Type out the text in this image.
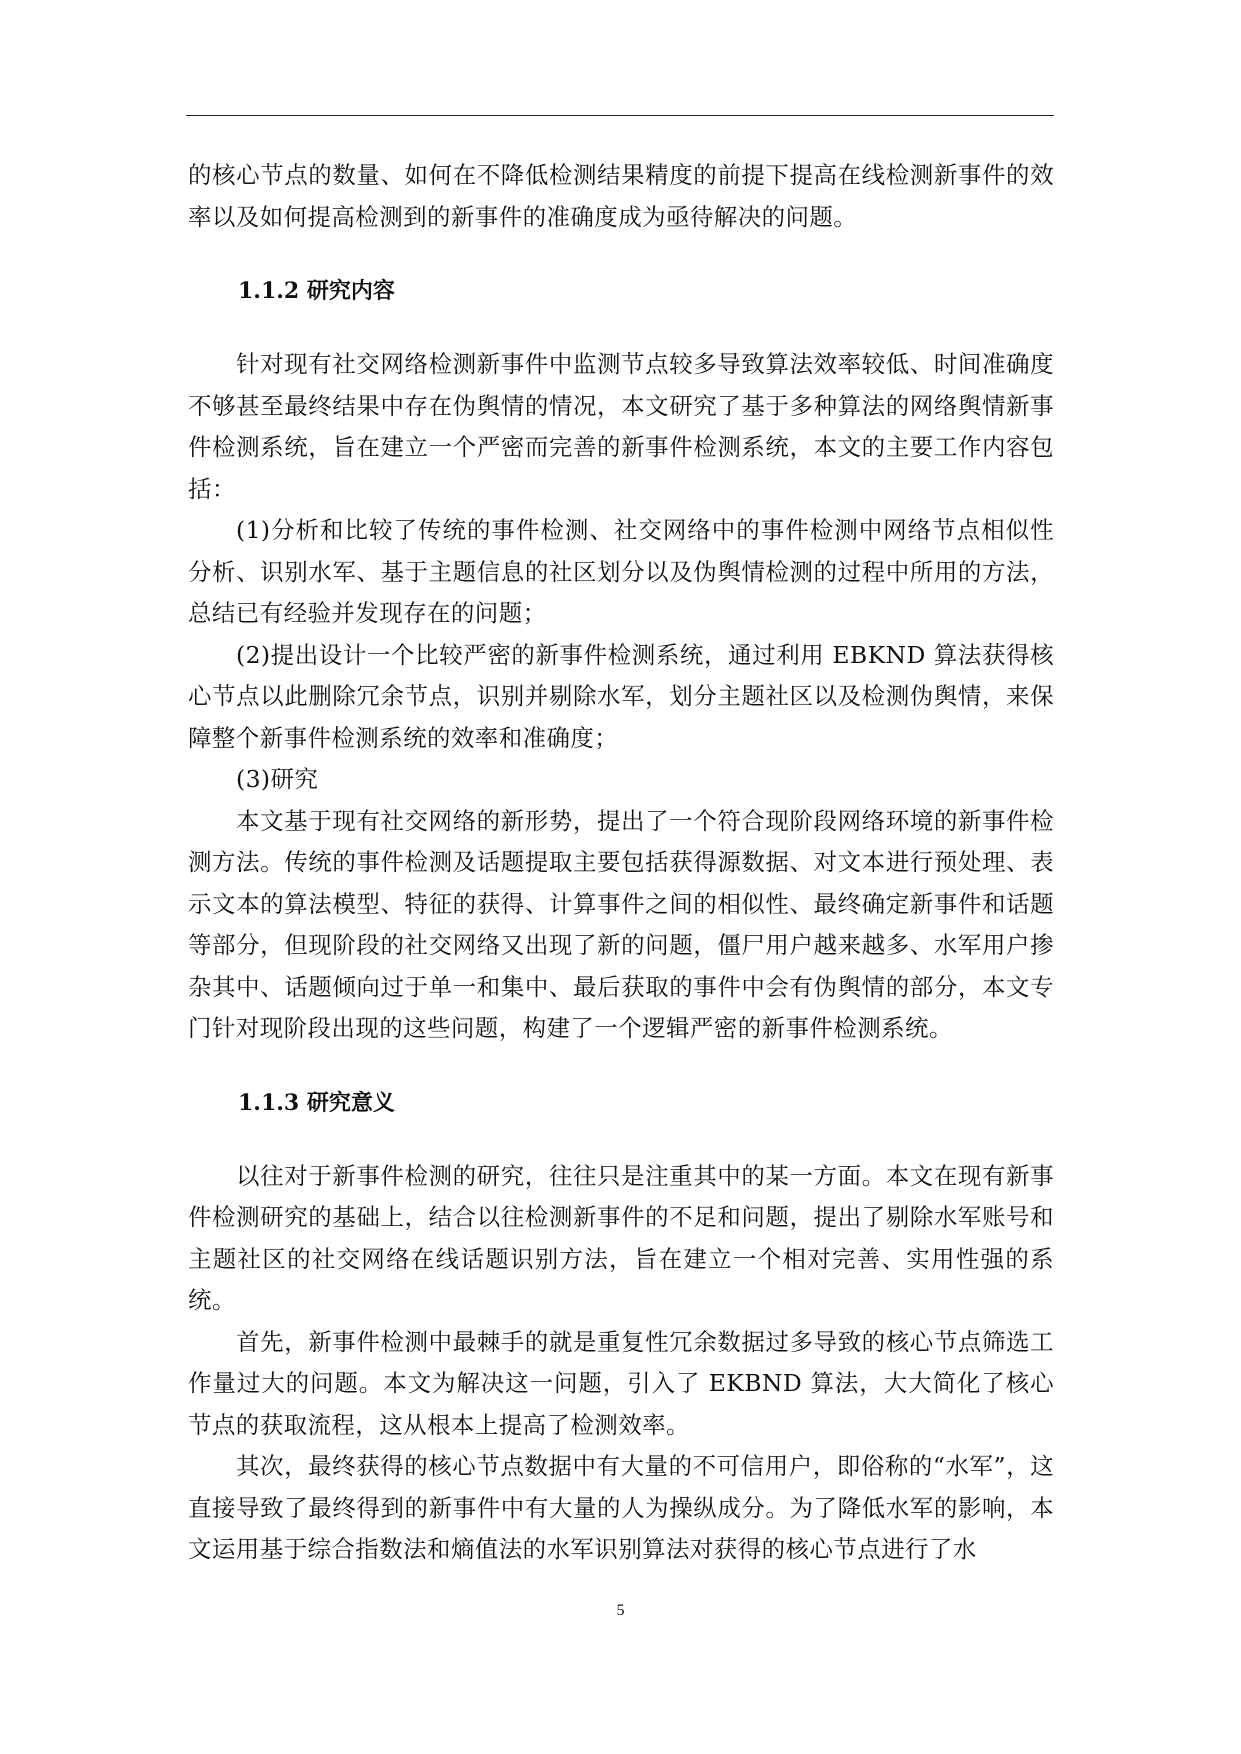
的核心节点的数量、如何在不降低检测结果精度的前提下提高在线检测新事件的效率以及如何提高检测到的新事件的准确度成为亟待解决的问题。

1.1.2 研究内容

针对现有社交网络检测新事件中监测节点较多导致算法效率较低、时间准确度不够甚至最终结果中存在伪舆情的情况，本文研究了基于多种算法的网络舆情新事件检测系统，旨在建立一个严密而完善的新事件检测系统，本文的主要工作内容包括：

(1)分析和比较了传统的事件检测、社交网络中的事件检测中网络节点相似性分析、识别水军、基于主题信息的社区划分以及伪舆情检测的过程中所用的方法，总结已有经验并发现存在的问题；

(2)提出设计一个比较严密的新事件检测系统，通过利用 EBKND 算法获得核心节点以此删除冗余节点，识别并剔除水军，划分主题社区以及检测伪舆情，来保障整个新事件检测系统的效率和准确度；

(3)研究

本文基于现有社交网络的新形势，提出了一个符合现阶段网络环境的新事件检测方法。传统的事件检测及话题提取主要包括获得源数据、对文本进行预处理、表示文本的算法模型、特征的获得、计算事件之间的相似性、最终确定新事件和话题等部分，但现阶段的社交网络又出现了新的问题，僵尸用户越来越多、水军用户掺杂其中、话题倾向过于单一和集中、最后获取的事件中会有伪舆情的部分，本文专门针对现阶段出现的这些问题，构建了一个逻辑严密的新事件检测系统。

1.1.3 研究意义

以往对于新事件检测的研究，往往只是注重其中的某一方面。本文在现有新事件检测研究的基础上，结合以往检测新事件的不足和问题，提出了剔除水军账号和主题社区的社交网络在线话题识别方法，旨在建立一个相对完善、实用性强的系统。

首先，新事件检测中最棘手的就是重复性冗余数据过多导致的核心节点筛选工作量过大的问题。本文为解决这一问题，引入了 EKBND 算法，大大简化了核心节点的获取流程，这从根本上提高了检测效率。

其次，最终获得的核心节点数据中有大量的不可信用户，即俗称的“水军”，这直接导致了最终得到的新事件中有大量的人为操纵成分。为了降低水军的影响，本文运用基于综合指数法和熵值法的水军识别算法对获得的核心节点进行了水

5
